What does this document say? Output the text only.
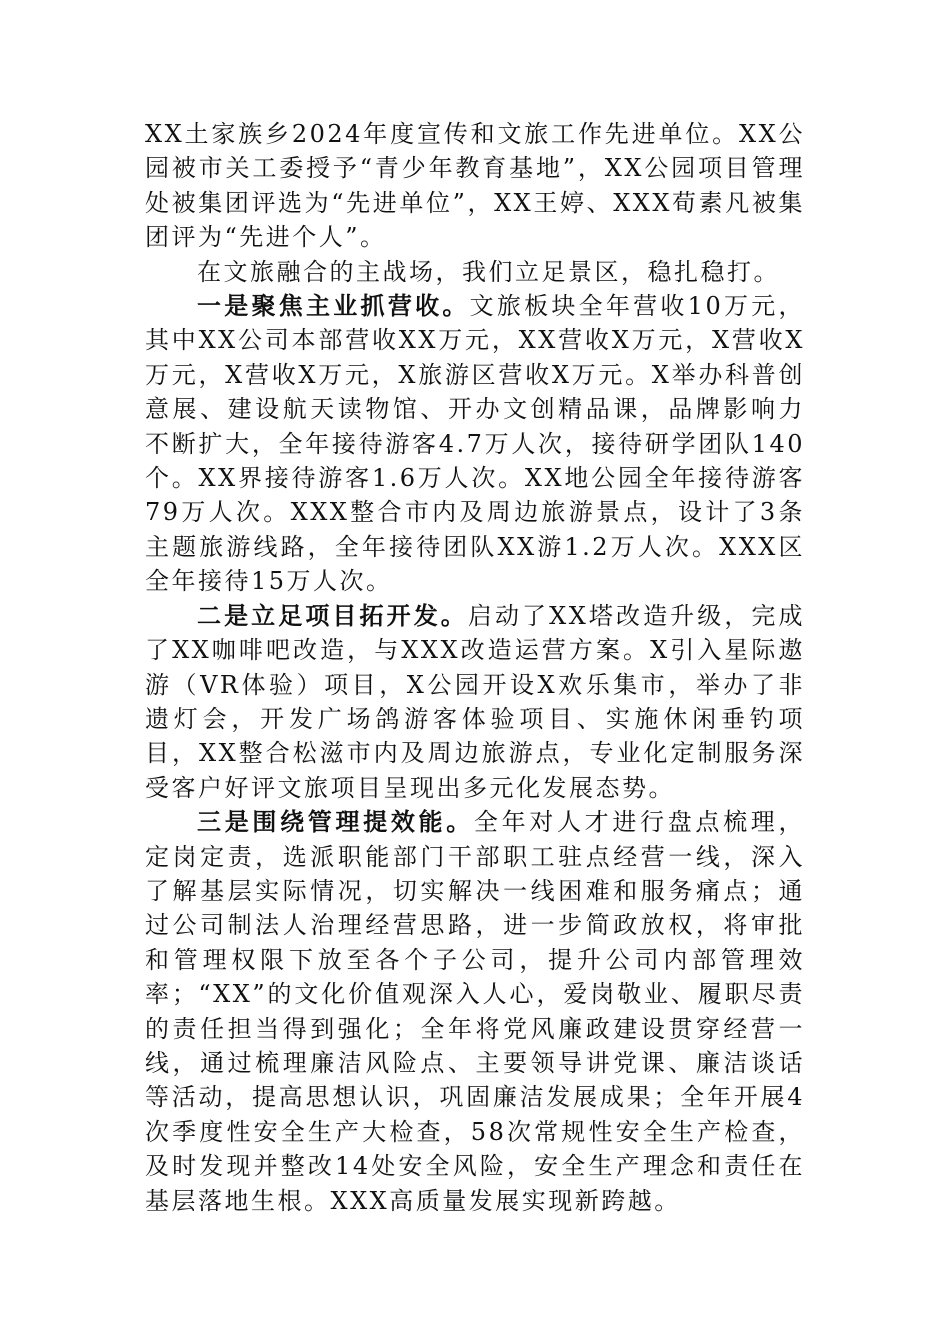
XX土家族乡2024年度宣传和文旅工作先进单位。XX公园被市关工委授予“青少年教育基地”，XX公园项目管理处被集团评选为“先进单位”，XX王婷、XXX荀素凡被集团评为“先进个人”。

在文旅融合的主战场，我们立足景区，稳扎稳打。

一是聚焦主业抓营收。文旅板块全年营收10万元，其中XX公司本部营收XX万元，XX营收X万元，X营收X万元，X营收X万元，X旅游区营收X万元。X举办科普创意展、建设航天读物馆、开办文创精品课，品牌影响力不断扩大，全年接待游客4.7万人次，接待研学团队140个。XX界接待游客1.6万人次。XX地公园全年接待游客79万人次。XXX整合市内及周边旅游景点，设计了3条主题旅游线路，全年接待团队XX游1.2万人次。XXX区全年接待15万人次。

二是立足项目拓开发。启动了XX塔改造升级，完成了XX咖啡吧改造，与XXX改造运营方案。X引入星际遨游（VR体验）项目，X公园开设X欢乐集市，举办了非遗灯会，开发广场鸽游客体验项目、实施休闲垂钓项目，XX整合松滋市内及周边旅游点，专业化定制服务深受客户好评文旅项目呈现出多元化发展态势。

三是围绕管理提效能。全年对人才进行盘点梳理，定岗定责，选派职能部门干部职工驻点经营一线，深入了解基层实际情况，切实解决一线困难和服务痛点；通过公司制法人治理经营思路，进一步简政放权，将审批和管理权限下放至各个子公司，提升公司内部管理效率；“XX”的文化价值观深入人心，爱岗敬业、履职尽责的责任担当得到强化；全年将党风廉政建设贯穿经营一线，通过梳理廉洁风险点、主要领导讲党课、廉洁谈话等活动，提高思想认识，巩固廉洁发展成果；全年开展4次季度性安全生产大检查，58次常规性安全生产检查，及时发现并整改14处安全风险，安全生产理念和责任在基层落地生根。XXX高质量发展实现新跨越。
